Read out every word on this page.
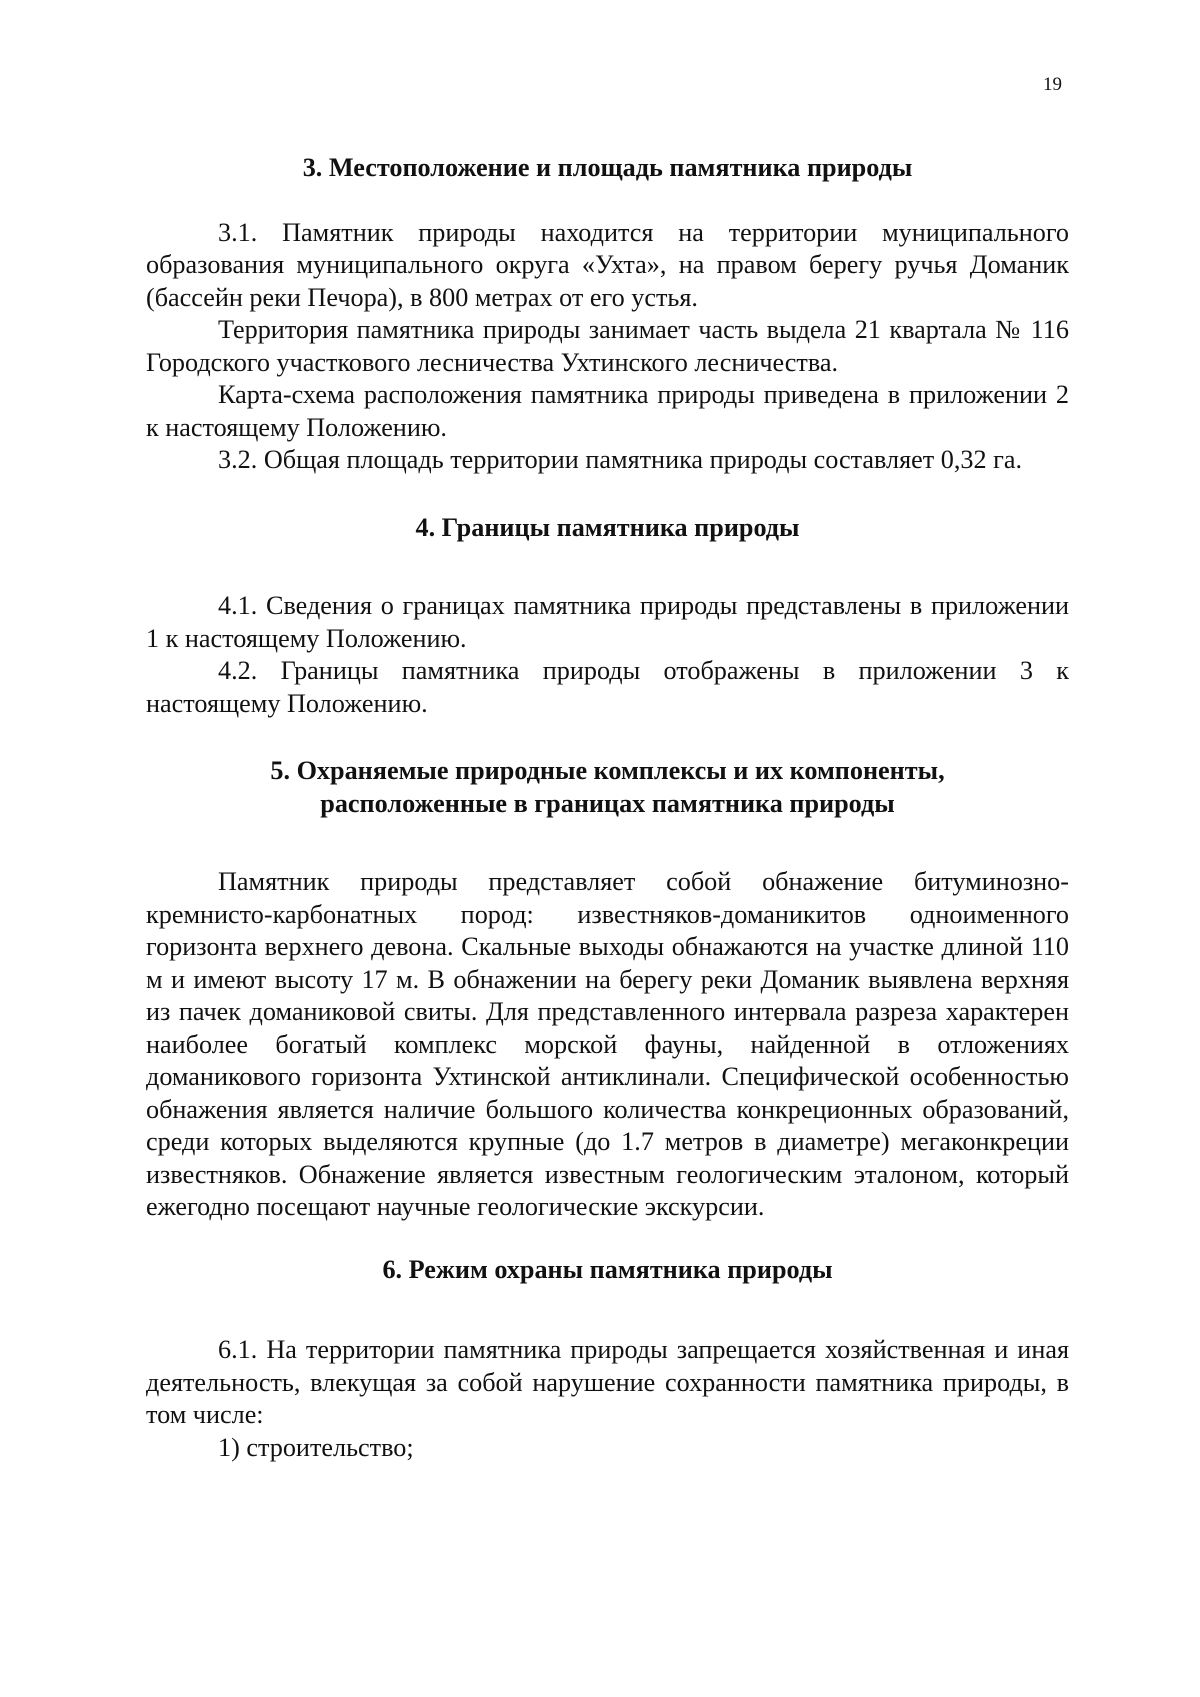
19
3. Местоположение и площадь памятника природы

3.1. Памятник природы находится на территории муниципального образования муниципального округа «Ухта», на правом берегу ручья Доманик (бассейн реки Печора), в 800 метрах от его устья.

Территория памятника природы занимает часть выдела 21 квартала № 116 Городского участкового лесничества Ухтинского лесничества.

Карта-схема расположения памятника природы приведена в приложении 2 к настоящему Положению.

3.2. Общая площадь территории памятника природы составляет 0,32 га.

4. Границы памятника природы

4.1. Сведения о границах памятника природы представлены в приложении 1 к настоящему Положению.

4.2. Границы памятника природы отображены в приложении 3 к настоящему Положению.

5. Охраняемые природные комплексы и их компоненты,
расположенные в границах памятника природы

Памятник природы представляет собой обнажение битуминозно-кремнисто-карбонатных пород: известняков-доманикитов одноименного горизонта верхнего девона. Скальные выходы обнажаются на участке длиной 110 м и имеют высоту 17 м. В обнажении на берегу реки Доманик выявлена верхняя из пачек доманиковой свиты. Для представленного интервала разреза характерен наиболее богатый комплекс морской фауны, найденной в отложениях доманикового горизонта Ухтинской антиклинали. Специфической особенностью обнажения является наличие большого количества конкреционных образований, среди которых выделяются крупные (до 1.7 метров в диаметре) мегаконкреции известняков. Обнажение является известным геологическим эталоном, который ежегодно посещают научные геологические экскурсии.

6. Режим охраны памятника природы

6.1. На территории памятника природы запрещается хозяйственная и иная деятельность, влекущая за собой нарушение сохранности памятника природы, в том числе:

1) строительство;
